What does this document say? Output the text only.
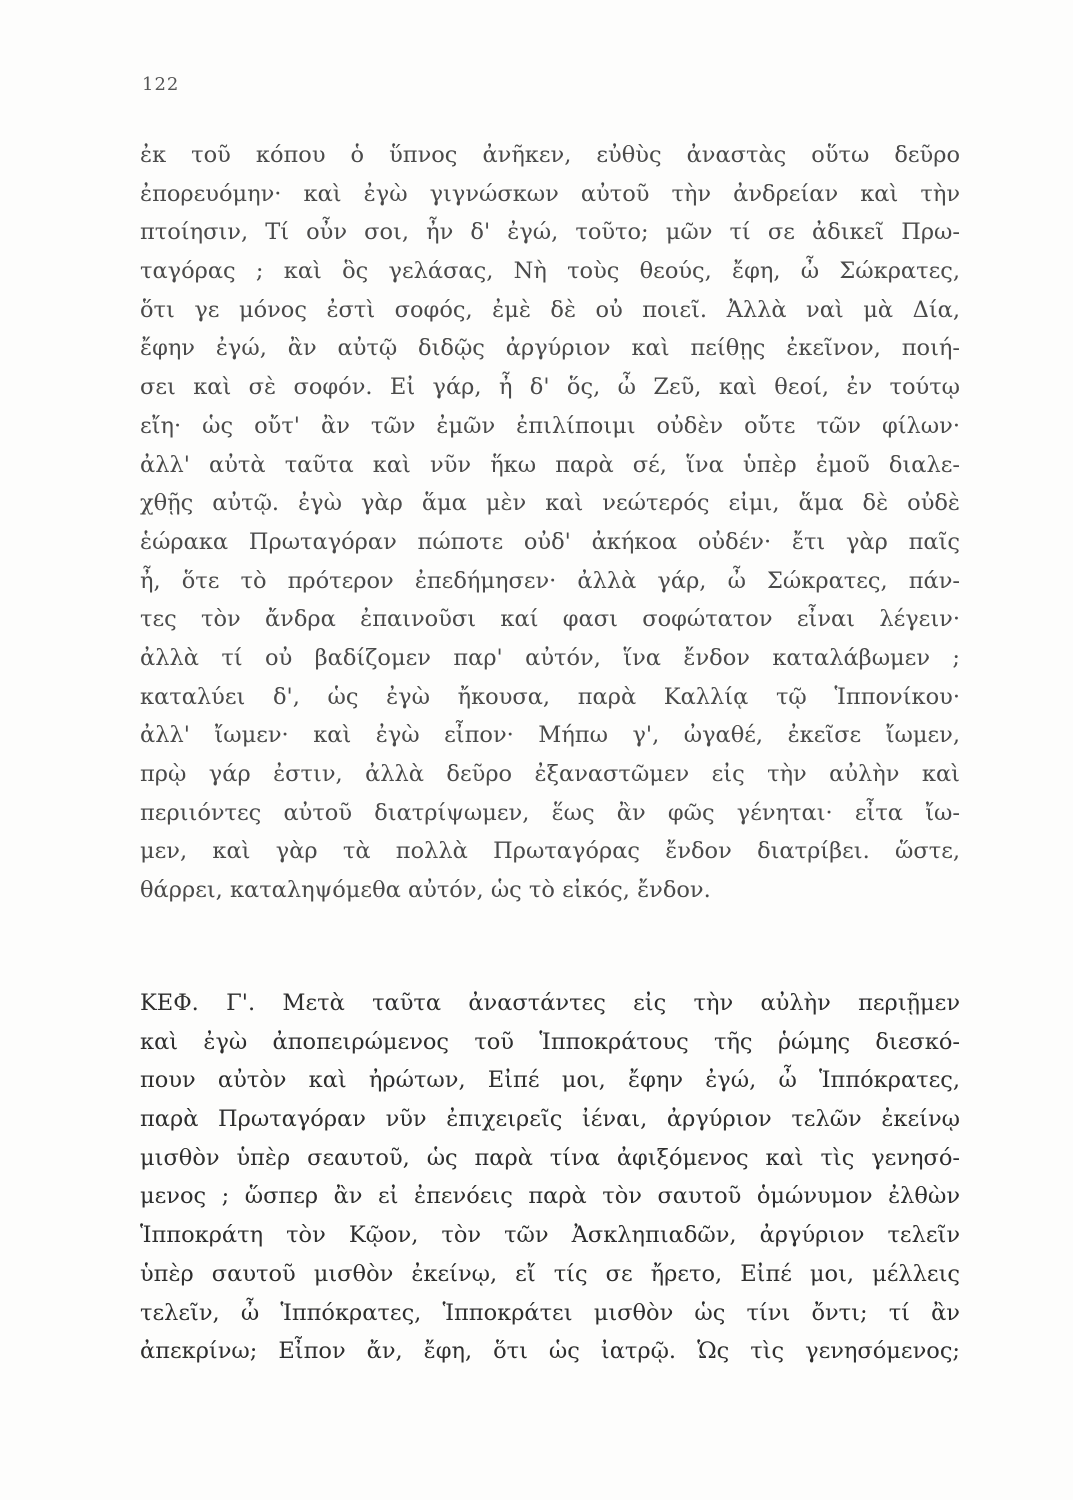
122
ἐκ τοῦ κόπου ὁ ὕπνος ἀνῆκεν, εὐθὺς ἀναστὰς οὕτω δεῦρο
ἐπορευόμην· καὶ ἐγὼ γιγνώσκων αὐτοῦ τὴν ἀνδρείαν καὶ τὴν
πτοίησιν, Τί οὖν σοι, ἦν δ' ἐγώ, τοῦτο; μῶν τί σε ἀδικεῖ Πρω-
ταγόρας ; καὶ ὃς γελάσας, Νὴ τοὺς θεούς, ἔφη, ὦ Σώκρατες,
ὅτι γε μόνος ἐστὶ σοφός, ἐμὲ δὲ οὐ ποιεῖ. Ἀλλὰ ναὶ μὰ Δία,
ἔφην ἐγώ, ἂν αὐτῷ διδῷς ἀργύριον καὶ πείθῃς ἐκεῖνον, ποιή-
σει καὶ σὲ σοφόν. Εἰ γάρ, ἦ δ' ὅς, ὦ Ζεῦ, καὶ θεοί, ἐν τούτῳ
εἴη· ὡς οὔτ' ἂν τῶν ἐμῶν ἐπιλίποιμι οὐδὲν οὔτε τῶν φίλων·
ἀλλ' αὐτὰ ταῦτα καὶ νῦν ἥκω παρὰ σέ, ἵνα ὑπὲρ ἐμοῦ διαλε-
χθῇς αὐτῷ. ἐγὼ γὰρ ἅμα μὲν καὶ νεώτερός εἰμι, ἅμα δὲ οὐδὲ
ἑώρακα Πρωταγόραν πώποτε οὐδ' ἀκήκοα οὐδέν· ἔτι γὰρ παῖς
ἦ, ὅτε τὸ πρότερον ἐπεδήμησεν· ἀλλὰ γάρ, ὦ Σώκρατες, πάν-
τες τὸν ἄνδρα ἐπαινοῦσι καί φασι σοφώτατον εἶναι λέγειν·
ἀλλὰ τί οὐ βαδίζομεν παρ' αὐτόν, ἵνα ἔνδον καταλάβωμεν ;
καταλύει δ', ὡς ἐγὼ ἤκουσα, παρὰ Καλλίᾳ τῷ Ἱππονίκου·
ἀλλ' ἴωμεν· καὶ ἐγὼ εἶπον· Μήπω γ', ὠγαθέ, ἐκεῖσε ἴωμεν,
πρῲ γάρ ἐστιν, ἀλλὰ δεῦρο ἐξαναστῶμεν εἰς τὴν αὐλὴν καὶ
περιιόντες αὐτοῦ διατρίψωμεν, ἕως ἂν φῶς γένηται· εἶτα ἴω-
μεν, καὶ γὰρ τὰ πολλὰ Πρωταγόρας ἔνδον διατρίβει. ὥστε,
θάρρει, καταληψόμεθα αὐτόν, ὡς τὸ εἰκός, ἔνδον.
ΚΕΦ. Γ'. Μετὰ ταῦτα ἀναστάντες εἰς τὴν αὐλὴν περιῇμεν
καὶ ἐγὼ ἀποπειρώμενος τοῦ Ἱπποκράτους τῆς ῥώμης διεσκό-
πουν αὐτὸν καὶ ἠρώτων, Εἰπέ μοι, ἔφην ἐγώ, ὦ Ἱππόκρατες,
παρὰ Πρωταγόραν νῦν ἐπιχειρεῖς ἰέναι, ἀργύριον τελῶν ἐκείνῳ
μισθὸν ὑπὲρ σεαυτοῦ, ὡς παρὰ τίνα ἀφιξόμενος καὶ τὶς γενησό-
μενος ; ὥσπερ ἂν εἰ ἐπενόεις παρὰ τὸν σαυτοῦ ὁμώνυμον ἐλθὼν
Ἱπποκράτη τὸν Κῷον, τὸν τῶν Ἀσκληπιαδῶν, ἀργύριον τελεῖν
ὑπὲρ σαυτοῦ μισθὸν ἐκείνῳ, εἴ τίς σε ἤρετο, Εἰπέ μοι, μέλλεις
τελεῖν, ὦ Ἱππόκρατες, Ἱπποκράτει μισθὸν ὡς τίνι ὄντι; τί ἂν
ἀπεκρίνω; Εἶπον ἄν, ἔφη, ὅτι ὡς ἰατρῷ. Ὡς τὶς γενησόμενος;
